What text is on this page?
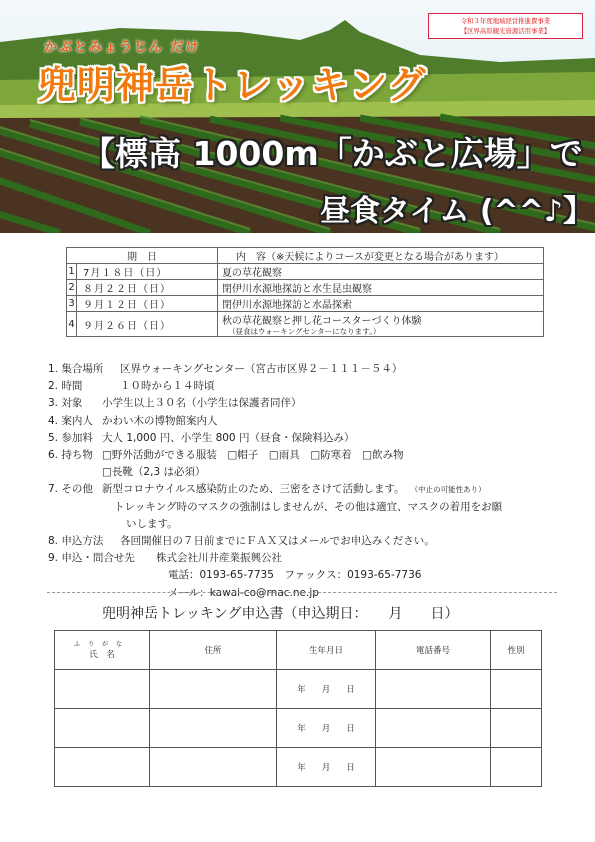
令和３年度地域経営推進費事業
【区界高原観光資源活用事業】
かぶとみょうじん だけ
兜明神岳トレッキング
【標高 1000m「かぶと広場」で
昼食タイム (^^♪】
期　日		内　容（※天候によりコースが変更となる場合があります）
1	7月１８日（日）	夏の草花観察
2	８月２２日（日）	閉伊川水源地探訪と水生昆虫観察
3	９月１２日（日）	閉伊川水源地探訪と水晶探索
4	９月２６日（日）	秋の草花観察と押し花コースターづくり体験
（昼食はウォーキングセンターになります。）
1. 集合場所	区界ウォーキングセンター（宮古市区界２－１１１－５４）
2. 時間	１０時から１４時頃
3. 対象	小学生以上３０名（小学生は保護者同伴）
4. 案内人 かわい木の博物館案内人
5. 参加料 大人 1,000 円、小学生 800 円（昼食・保険料込み）
6. 持ち物 □野外活動ができる服装　□帽子　□雨具　□防寒着　□飲み物
□長靴（2,3 は必須）
7. その他 新型コロナウイルス感染防止のため、三密をさけて活動します。 （中止の可能性あり）
トレッキング時のマスクの強制はしませんが、その他は適宜、マスクの着用をお願
いします。
8. 申込方法	各回開催日の７日前までにＦＡＸ又はメールでお申込みください。
9. 申込・問合せ先	株式会社川井産業振興公社
電話：0193-65-7735　ファックス：0193-65-7736
メール：kawai-co@rnac.ne.jp
兜明神岳トレッキング申込書（申込期日：　　月　　日）
ふりがな
氏　名	住所	生年月日	電話番号	性別
		年 月 日		
		年 月 日		
		年 月 日		
